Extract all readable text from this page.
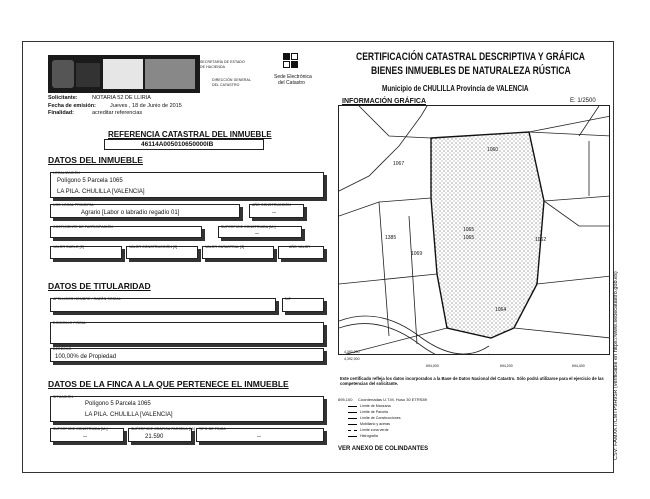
SECRETARÍA DE ESTADO
DE HACIENDA
DIRECCIÓN GENERAL
DEL CATASTRO
Sede Electrónica
del Catastro
CERTIFICACIÓN CATASTRAL DESCRIPTIVA Y GRÁFICA
BIENES INMUEBLES DE NATURALEZA RÚSTICA
Municipio de CHULILLA Provincia de VALENCIA
Solicitante:	NOTARIA 52 DE LLIRIA
Fecha de emisión:	Jueves , 18 de Junio de 2015
Finalidad:	acreditar referencias
REFERENCIA CATASTRAL DEL INMUEBLE
46114A005010650000IB
DATOS DEL INMUEBLE
LOCALIZACIÓN
Polígono 5 Parcela 1065
LA PILA. CHULILLA [VALENCIA]
USO LOCAL PRINCIPAL
Agrario [Labor o labradío regadío 01]
AÑO CONSTRUCCIÓN
--
COEFICIENTE DE PARTICIPACIÓN	SUPERFICIE CONSTRUIDA [M²]
--
VALOR SUELO [€]	VALOR CONSTRUCCIÓN [€]	VALOR CATASTRAL [€]	AÑO VALOR
DATOS DE TITULARIDAD
APELLIDOS NOMBRE / RAZÓN SOCIAL	NIF
DOMICILIO FISCAL
DERECHO
100,00% de Propiedad
DATOS DE LA FINCA A LA QUE PERTENECE EL INMUEBLE
SITUACIÓN
Polígono 5 Parcela 1065
LA PILA. CHULILLA [VALENCIA]
SUPERFICIE CONSTRUIDA [M²]
--
SUPERFICIE GRÁFICA PARCELA [M²]
21.590
TIPO DE FINCA
--
INFORMACIÓN GRÁFICA	E: 1/2500
1067
1060
1065
1065
1385
1069
1062
1064
4,392,200
4,392,000
694,000	694,200	694,400
Este certificado refleja los datos incorporados a la Base de Datos Nacional del Catastro. Sólo podrá utilizarse para el ejercicio de las competencias del solicitante.
695,100 Coordenadas U.T.M. Huso 30 ETRS89
Límite de Manzana
Límite de Parcela
Límite de Construcciones
Mobiliario y aceras
Límite zona verde
Hidrografía
VER ANEXO DE COLINDANTES	CSV: FAMXKT/CMTP9H95R (verificable en https://www.sedecatastro.gob.es)
